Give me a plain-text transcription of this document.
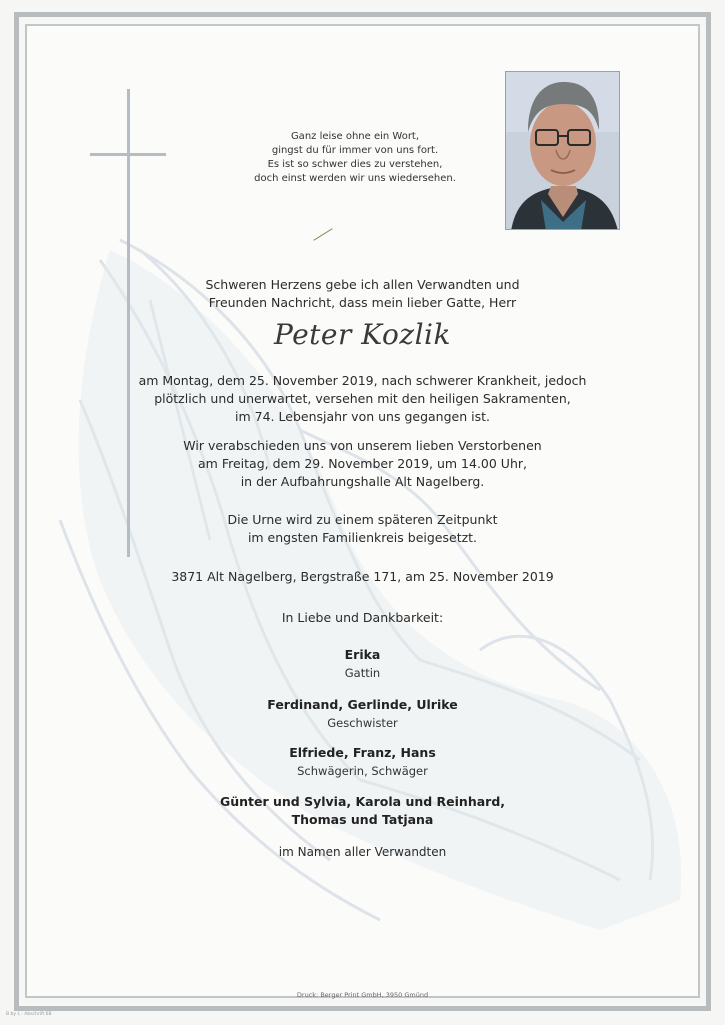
Ganz leise ohne ein Wort,
gingst du für immer von uns fort.
Es ist so schwer dies zu verstehen,
doch einst werden wir uns wiedersehen.
Schweren Herzens gebe ich allen Verwandten und
Freunden Nachricht, dass mein lieber Gatte, Herr
Peter Kozlik
am Montag, dem 25. November 2019, nach schwerer Krankheit, jedoch
plötzlich und unerwartet, versehen mit den heiligen Sakramenten,
im 74. Lebensjahr von uns gegangen ist.
Wir verabschieden uns von unserem lieben Verstorbenen
am Freitag, dem 29. November 2019, um 14.00 Uhr,
in der Aufbahrungshalle Alt Nagelberg.
Die Urne wird zu einem späteren Zeitpunkt
im engsten Familienkreis beigesetzt.
3871 Alt Nagelberg, Bergstraße 171, am 25. November 2019
In Liebe und Dankbarkeit:
Erika
Gattin
Ferdinand, Gerlinde, Ulrike
Geschwister
Elfriede, Franz, Hans
Schwägerin, Schwäger
Günter und Sylvia, Karola und Reinhard,
Thomas und Tatjana
im Namen aller Verwandten
Druck: Berger Print GmbH, 3950 Gmünd
B by L · Abschrift 6B
